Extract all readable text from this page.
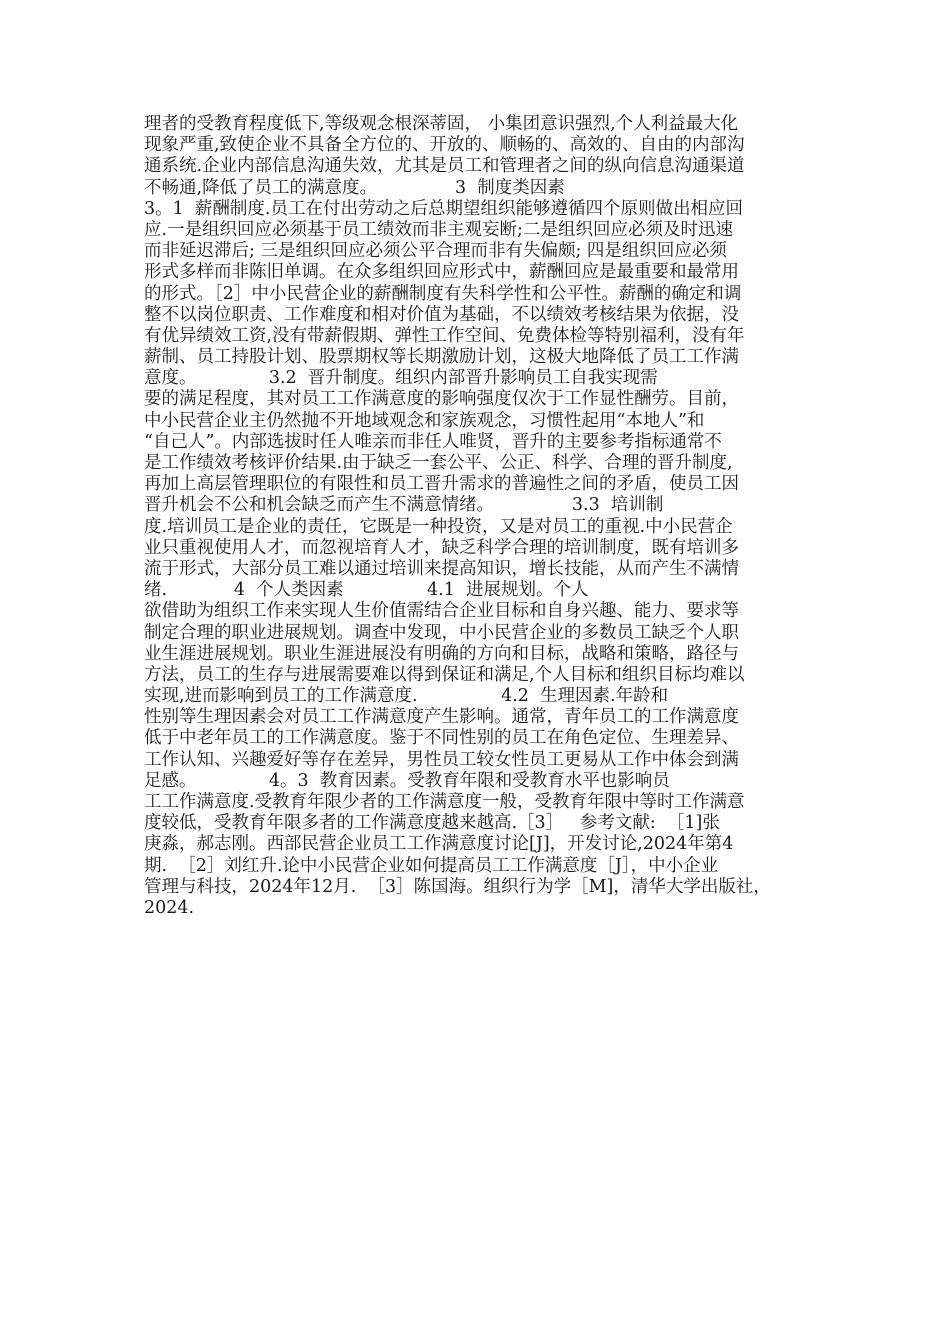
理者的受教育程度低下,等级观念根深蒂固， 小集团意识强烈,个人利益最大化
现象严重,致使企业不具备全方位的、开放的、顺畅的、高效的、自由的内部沟
通系统.企业内部信息沟通失效，尤其是员工和管理者之间的纵向信息沟通渠道
不畅通,降低了员工的满意度。              3  制度类因素
3。1  薪酬制度.员工在付出劳动之后总期望组织能够遵循四个原则做出相应回
应.一是组织回应必须基于员工绩效而非主观妄断;二是组织回应必须及时迅速
而非延迟滞后; 三是组织回应必须公平合理而非有失偏颇; 四是组织回应必须
形式多样而非陈旧单调。在众多组织回应形式中，薪酬回应是最重要和最常用
的形式。［2］中小民营企业的薪酬制度有失科学性和公平性。薪酬的确定和调
整不以岗位职责、工作难度和相对价值为基础，不以绩效考核结果为依据，没
有优异绩效工资,没有带薪假期、弹性工作空间、免费体检等特别福利，没有年
薪制、员工持股计划、股票期权等长期激励计划，这极大地降低了员工工作满
意度。             3.2  晋升制度。组织内部晋升影响员工自我实现需
要的满足程度，其对员工工作满意度的影响强度仅次于工作显性酬劳。目前，
中小民营企业主仍然抛不开地域观念和家族观念，习惯性起用“本地人”和
“自己人”。内部选拔时任人唯亲而非任人唯贤，晋升的主要参考指标通常不
是工作绩效考核评价结果.由于缺乏一套公平、公正、科学、合理的晋升制度,
再加上高层管理职位的有限性和员工晋升需求的普遍性之间的矛盾，使员工因
晋升机会不公和机会缺乏而产生不满意情绪。              3.3  培训制
度.培训员工是企业的责任，它既是一种投资，又是对员工的重视.中小民营企
业只重视使用人才，而忽视培育人才，缺乏科学合理的培训制度，既有培训多
流于形式，大部分员工难以通过培训来提高知识，增长技能，从而产生不满情
绪.            4  个人类因素               4.1  进展规划。个人
欲借助为组织工作来实现人生价值需结合企业目标和自身兴趣、能力、要求等
制定合理的职业进展规划。调查中发现，中小民营企业的多数员工缺乏个人职
业生涯进展规划。职业生涯进展没有明确的方向和目标，战略和策略，路径与
方法，员工的生存与进展需要难以得到保证和满足,个人目标和组织目标均难以
实现,进而影响到员工的工作满意度.               4.2  生理因素.年龄和
性别等生理因素会对员工工作满意度产生影响。通常，青年员工的工作满意度
低于中老年员工的工作满意度。鉴于不同性别的员工在角色定位、生理差异、
工作认知、兴趣爱好等存在差异，男性员工较女性员工更易从工作中体会到满
足感。             4。3  教育因素。受教育年限和受教育水平也影响员
工工作满意度.受教育年限少者的工作满意度一般，受教育年限中等时工作满意
度较低，受教育年限多者的工作满意度越来越高.［3］   参考文献:  ［1]张
庚淼，郝志刚。西部民营企业员工工作满意度讨论[J]，开发讨论,2024年第4
期.  ［2］刘红升.论中小民营企业如何提高员工工作满意度［J］，中小企业
管理与科技，2024年12月.  ［3］陈国海。组织行为学［M]，清华大学出版社，
2024.
